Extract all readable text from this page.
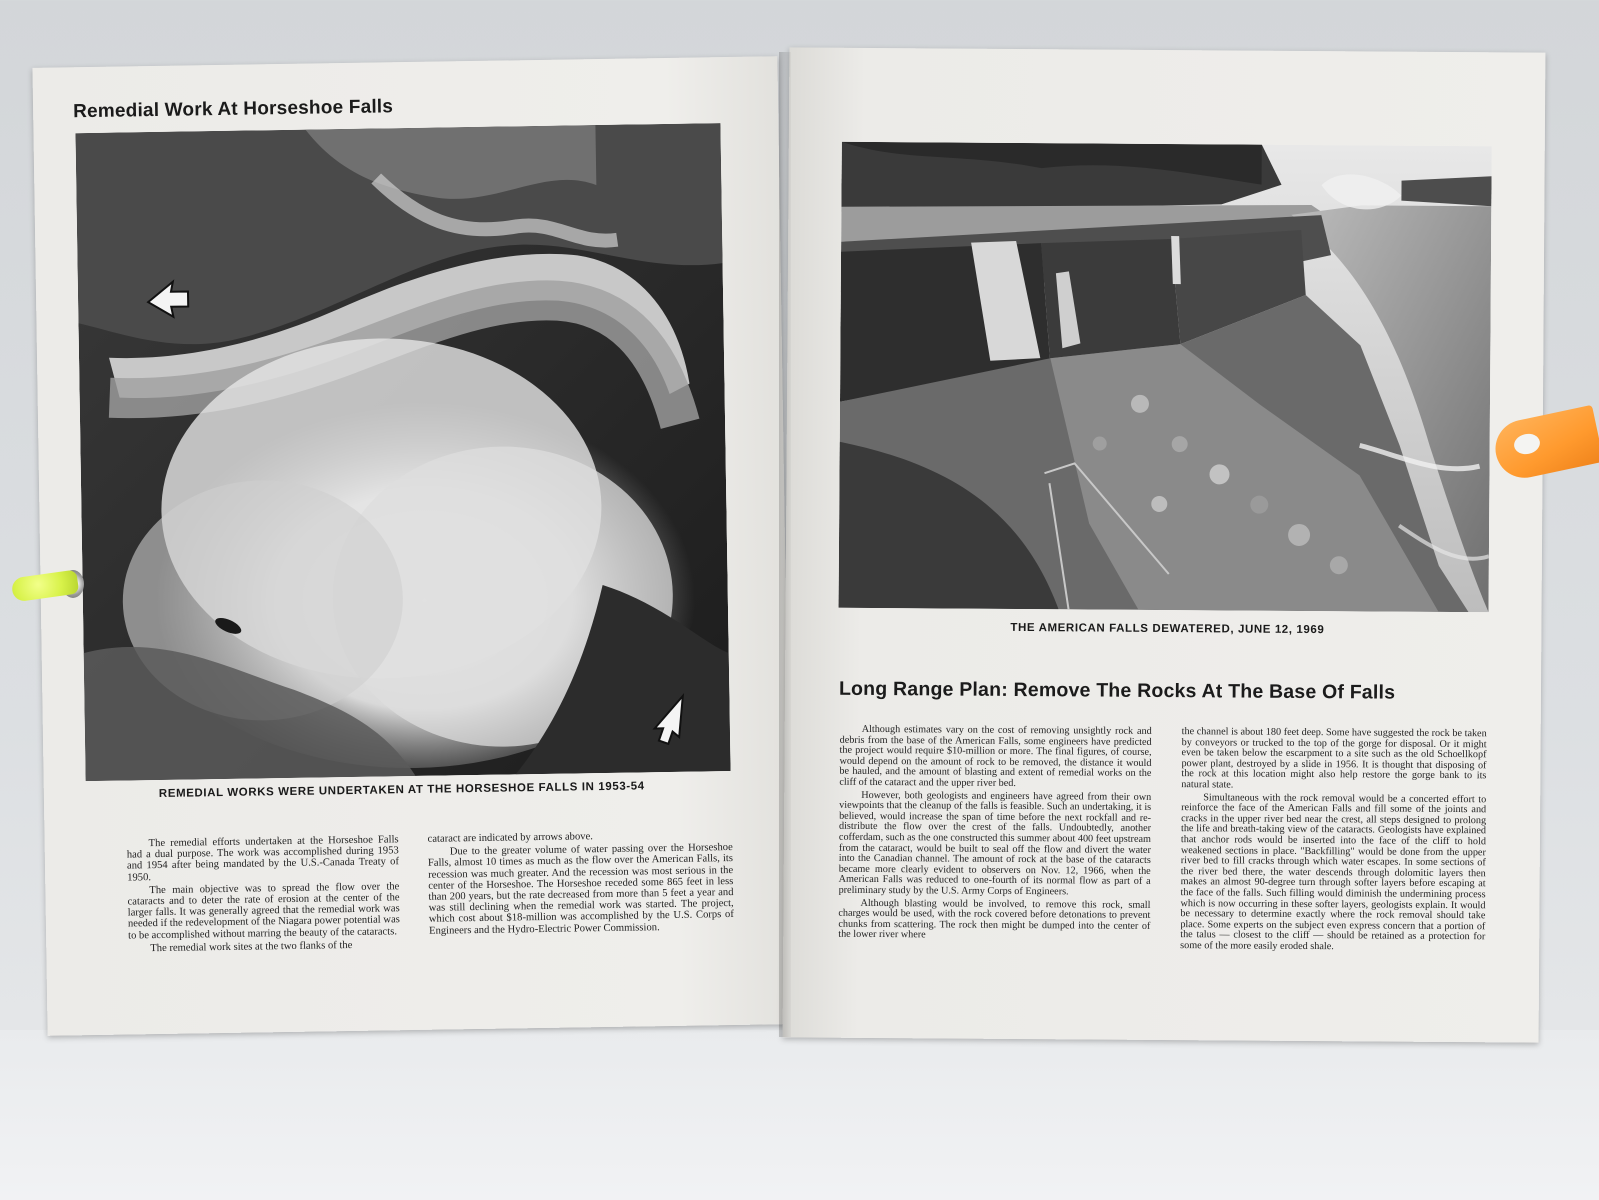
Remedial Work At Horseshoe Falls

REMEDIAL WORKS WERE UNDERTAKEN AT THE HORSESHOE FALLS IN 1953-54

The remedial efforts undertaken at the Horseshoe Falls had a dual purpose. The work was accomplished during 1953 and 1954 after being mandated by the U.S.-Canada Treaty of 1950.

The main objective was to spread the flow over the cataracts and to deter the rate of erosion at the center of the larger falls. It was generally agreed that the remedial work was needed if the redevelopment of the Niagara power potential was to be accomplished without marring the beauty of the cataracts.

The remedial work sites at the two flanks of the

cataract are indicated by arrows above.

Due to the greater volume of water passing over the Horseshoe Falls, almost 10 times as much as the flow over the American Falls, its recession was much greater. And the recession was most serious in the center of the Horseshoe. The Horseshoe receded some 865 feet in less than 200 years, but the rate decreased from more than 5 feet a year and was still declining when the remedial work was started. The project, which cost about $18-million was accomplished by the U.S. Corps of Engineers and the Hydro-Electric Power Commission.

THE AMERICAN FALLS DEWATERED, JUNE 12, 1969

Long Range Plan: Remove The Rocks At The Base Of Falls

Although estimates vary on the cost of removing unsightly rock and debris from the base of the American Falls, some engineers have predicted the project would require $10-million or more. The final figures, of course, would depend on the amount of rock to be removed, the distance it would be hauled, and the amount of blasting and extent of remedial works on the cliff of the cataract and the upper river bed.

However, both geologists and engineers have agreed from their own viewpoints that the cleanup of the falls is feasible. Such an undertaking, it is believed, would increase the span of time before the next rockfall and re-distribute the flow over the crest of the falls. Undoubtedly, another cofferdam, such as the one constructed this summer about 400 feet upstream from the cataract, would be built to seal off the flow and divert the water into the Canadian channel. The amount of rock at the base of the cataracts became more clearly evident to observers on Nov. 12, 1966, when the American Falls was reduced to one-fourth of its normal flow as part of a preliminary study by the U.S. Army Corps of Engineers.

Although blasting would be involved, to remove this rock, small charges would be used, with the rock covered before detonations to prevent chunks from scattering. The rock then might be dumped into the center of the lower river where

the channel is about 180 feet deep. Some have suggested the rock be taken by conveyors or trucked to the top of the gorge for disposal. Or it might even be taken below the escarpment to a site such as the old Schoellkopf power plant, destroyed by a slide in 1956. It is thought that disposing of the rock at this location might also help restore the gorge bank to its natural state.

Simultaneous with the rock removal would be a concerted effort to reinforce the face of the American Falls and fill some of the joints and cracks in the upper river bed near the crest, all steps designed to prolong the life and breath-taking view of the cataracts. Geologists have explained that anchor rods would be inserted into the face of the cliff to hold weakened sections in place. "Backfilling" would be done from the upper river bed to fill cracks through which water escapes. In some sections of the river bed there, the water descends through dolomitic layers then makes an almost 90-degree turn through softer layers before escaping at the face of the falls. Such filling would diminish the undermining process which is now occurring in these softer layers, geologists explain. It would be necessary to determine exactly where the rock removal should take place. Some experts on the subject even express concern that a portion of the talus — closest to the cliff — should be retained as a protection for some of the more easily eroded shale.
